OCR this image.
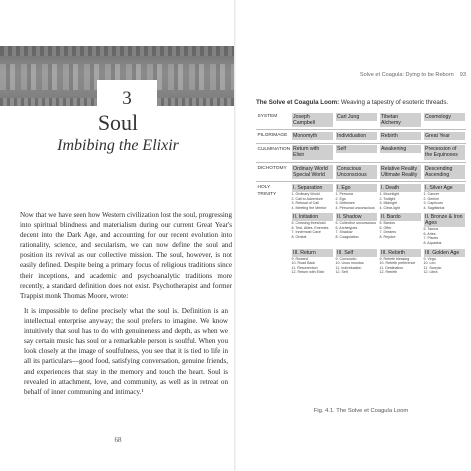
3
Soul
Imbibing the Elixir

Now that we have seen how Western civilization lost the soul, progressing into spiritual blindness and materialism during our current Great Year's decent into the Dark Age, and accounting for our recent evolution into rationality, science, and secularism, we can now define the soul and position its revival as our collective mission. The soul, however, is not easily defined. Despite being a primary focus of religious traditions since their inceptions, and academic and psychoanalytic traditions more recently, a standard definition does not exist. Psychotherapist and former Trappist monk Thomas Moore, wrote:

It is impossible to define precisely what the soul is. Definition is an intellectual enterprise anyway; the soul prefers to imagine. We know intuitively that soul has to do with genuineness and depth, as when we say certain music has soul or a remarkable person is soulful. When you look closely at the image of soulfulness, you see that it is tied to life in all its particulars—good food, satisfying conversation, genuine friends, and experiences that stay in the memory and touch the heart. Soul is revealed in attachment, love, and community, as well as in retreat on behalf of inner communing and intimacy.¹

68
Solve et Coagula: Dying to be Reborn 93
The Solve et Coagula Loom: Weaving a tapestry of esoteric threads.
SYSTEM	Joseph Campbell	Carl Jung	Tibetan Alchemy	Cosmology

PILGRIMAGE	Monomyth	Individuation	Rebirth	Great Year

CULMINATION	Return with Elixir	Self	Awakening	Precession of the Equinoxes

DICHOTOMY	Ordinary World Special World	Conscious Unconscious	Relative Reality Ultimate Reality	Descending Ascending

HOLY TRINITY	I. Separation
1. Ordinary World
2. Call to Adventure
3. Refusal of Call
4. Meeting the Mentor	I. Ego
1. Persona
2. Ego
3. Defenses
4. Personal unconscious	I. Death
1. Moonlight
2. Twilight
3. Midnight
4. Clear-light	I. Silver Age
1. Cancer
2. Gemini
3. Capricorn
4. Sagittarius

	II. Initiation
5. Crossing threshold
6. Test, Allies, Enemies
7. Innermost Cave
8. Ordeal	II. Shadow
5. Collective unconscious
6. Archetypes
7. Shadow
8. Coagulation	II. Bardo
5. Bardos
6. Offer
7. Dreams
8. Rejoice	II. Bronze & Iron Ages
5. Taurus
6. Aries
7. Pisces
8. Aquarius

	III. Return
9. Reward
10. Road Back
11. Resurrection
12. Return with Elixir	III. Self
9. Coniunctio
10. Unus mundus
11. Individuation
12. Self	III. Rebirth
9. Rebirth blessing
10. Rebirth preference
11. Destination
12. Rebirth	III. Golden Age
9. Virgo
10. Leo
11. Scorpio
12. Libra
Fig. 4.1. The Solve et Coagula Loom
